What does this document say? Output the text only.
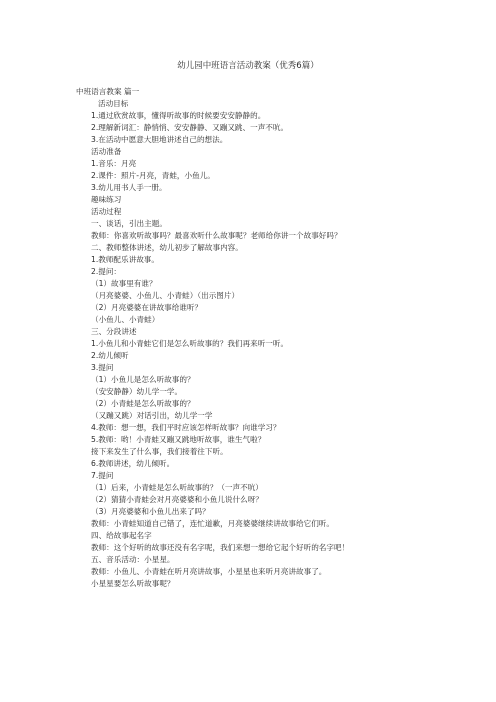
幼儿园中班语言活动教案（优秀6篇）
中班语言教案 篇一
活动目标
1.通过欣赏故事，懂得听故事的时候要安安静静的。
2.理解新词汇：静悄悄、安安静静、又蹦又跳、一声不吭。
3.在活动中愿意大胆地讲述自己的想法。
活动准备
1.音乐：月亮
2.课件：照片-月亮，青蛙，小鱼儿。
3.幼儿用书人手一册。
趣味练习
活动过程
一、谈话，引出主题。
教师：你喜欢听故事吗？最喜欢听什么故事呢？老师给你讲一个故事好吗？
二、教师整体讲述，幼儿初步了解故事内容。
1.教师配乐讲故事。
2.提问：
（1）故事里有谁？
（月亮婆婆、小鱼儿、小青蛙）（出示图片）
（2）月亮婆婆在讲故事给谁听？
（小鱼儿、小青蛙）
三、分段讲述
1.小鱼儿和小青蛙它们是怎么听故事的？我们再来听一听。
2.幼儿倾听
3.提问
（1）小鱼儿是怎么听故事的？
（安安静静）幼儿学一学。
（2）小青蛙是怎么听故事的？
（又蹦又跳）对话引出，幼儿学一学
4.教师：想一想，我们平时应该怎样听故事？向谁学习？
5.教师：哟！小青蛙又蹦又跳地听故事，谁生气啦？
接下来发生了什么事，我们接着往下听。
6.教师讲述，幼儿倾听。
7.提问
（1）后来，小青蛙是怎么听故事的？（一声不吭）
（2）猜猜小青蛙会对月亮婆婆和小鱼儿说什么呀？
（3）月亮婆婆和小鱼儿出来了吗？
教师：小青蛙知道自己错了，连忙道歉，月亮婆婆继续讲故事给它们听。
四、给故事起名字
教师：这个好听的故事还没有名字呢，我们来想一想给它起个好听的名字吧！
五、音乐活动：小星星。
教师：小鱼儿、小青蛙在听月亮讲故事，小星星也来听月亮讲故事了。
小星星要怎么听故事呢？
